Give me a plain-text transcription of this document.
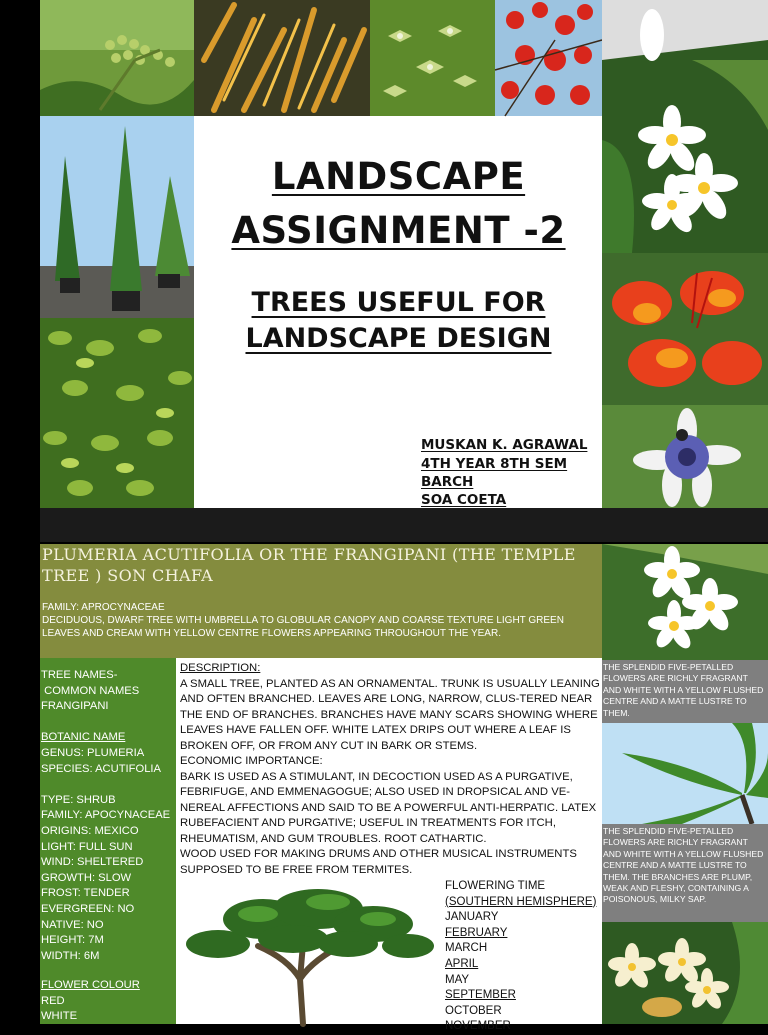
LANDSCAPE
ASSIGNMENT -2
TREES USEFUL FOR
LANDSCAPE DESIGN
MUSKAN K. AGRAWAL
4TH YEAR 8TH SEM
BARCH
SOA COETA
PLUMERIA ACUTIFOLIA OR THE FRANGIPANI (THE TEMPLE TREE ) SON CHAFA
FAMILY: APROCYNACEAE
DECIDUOUS, DWARF TREE WITH UMBRELLA TO GLOBULAR CANOPY AND COARSE TEXTURE LIGHT GREEN LEAVES AND CREAM WITH YELLOW CENTRE FLOWERS APPEARING THROUGHOUT THE YEAR.
TREE NAMES-
COMMON NAMES
FRANGIPANI
BOTANIC NAME
GENUS: PLUMERIA
SPECIES: ACUTIFOLIA
TYPE: SHRUB
FAMILY: APOCYNACEAE
ORIGINS: MEXICO
LIGHT: FULL SUN
WIND: SHELTERED
GROWTH: SLOW
FROST: TENDER
EVERGREEN: NO
NATIVE: NO
HEIGHT: 7M
WIDTH: 6M
FLOWER COLOUR
RED
WHITE
DESCRIPTION:
A SMALL TREE, PLANTED AS AN ORNAMENTAL. TRUNK IS USUALLY LEANING AND OFTEN BRANCHED. LEAVES ARE LONG, NARROW, CLUS-TERED NEAR THE END OF BRANCHES. BRANCHES HAVE MANY SCARS SHOWING WHERE LEAVES HAVE FALLEN OFF. WHITE LATEX DRIPS OUT WHERE A LEAF IS BROKEN OFF, OR FROM ANY CUT IN BARK OR STEMS.
ECONOMIC IMPORTANCE:
BARK IS USED AS A STIMULANT, IN DECOCTION USED AS A PURGATIVE, FEBRIFUGE, AND EMMENAGOGUE; ALSO USED IN DROPSICAL AND VE-NEREAL AFFECTIONS AND SAID TO BE A POWERFUL ANTI-HERPATIC. LATEX RUBEFACIENT AND PURGATIVE; USEFUL IN TREATMENTS FOR ITCH, RHEUMATISM, AND GUM TROUBLES. ROOT CATHARTIC.
WOOD USED FOR MAKING DRUMS AND OTHER MUSICAL INSTRUMENTS SUPPOSED TO BE FREE FROM TERMITES.
FLOWERING TIME
(SOUTHERN HEMISPHERE)
JANUARY
FEBRUARY
MARCH
APRIL
MAY
SEPTEMBER
OCTOBER
NOVEMBER
THE SPLENDID FIVE-PETALLED FLOWERS ARE RICHLY FRAGRANT AND WHITE WITH A YELLOW FLUSHED CENTRE AND A MATTE LUSTRE TO THEM.
THE SPLENDID FIVE-PETALLED FLOWERS ARE RICHLY FRAGRANT AND WHITE WITH A YELLOW FLUSHED CENTRE AND A MATTE LUSTRE TO THEM. THE BRANCHES ARE PLUMP, WEAK AND FLESHY, CONTAINING A POISONOUS, MILKY SAP.
